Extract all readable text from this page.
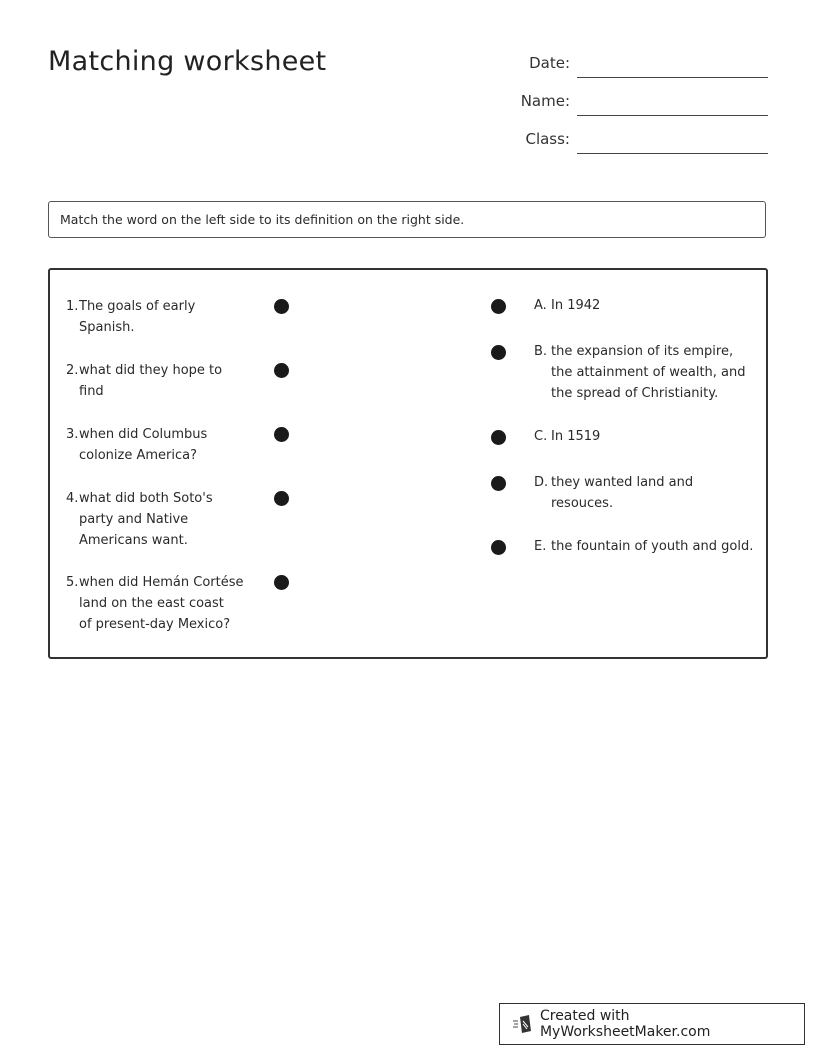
Matching worksheet	Date:
Name:
Class:
Match the word on the left side to its definition on the right side.
1. The goals of early
Spanish.
2. what did they hope to
find
3. when did Columbus
colonize America?
4. what did both Soto's
party and Native
Americans want.
5. when did Hemán Cortése
land on the east coast
of present-day Mexico?
A. In 1942
B. the expansion of its empire,
the attainment of wealth, and
the spread of Christianity.
C. In 1519
D. they wanted land and
resouces.
E. the fountain of youth and gold.
Created with MyWorksheetMaker.com
